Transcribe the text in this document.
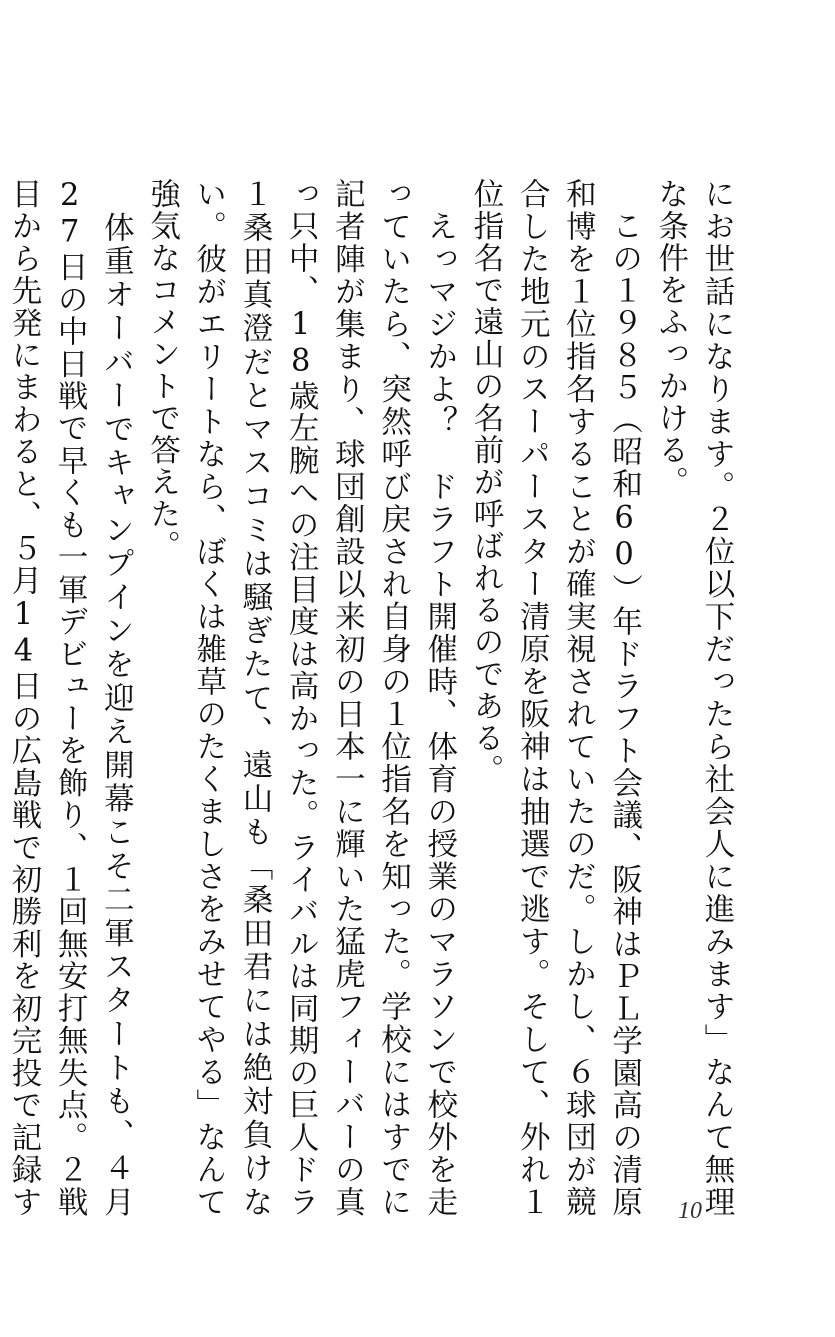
にお世話になります。２位以下だったら社会人に進みます」なんて無理な条件をふっかける。

　この１９８５（昭和60）年ドラフト会議、阪神はＰＬ学園高の清原和博を１位指名することが確実視されていたのだ。しかし、６球団が競合した地元のスーパースター清原を阪神は抽選で逃す。そして、外れ１位指名で遠山の名前が呼ばれるのである。

　えっマジかよ？　ドラフト開催時、体育の授業のマラソンで校外を走っていたら、突然呼び戻され自身の１位指名を知った。学校にはすでに記者陣が集まり、球団創設以来初の日本一に輝いた猛虎フィーバーの真っ只中、18歳左腕への注目度は高かった。ライバルは同期の巨人ドラ１桑田真澄だとマスコミは騒ぎたて、遠山も「桑田君には絶対負けない。彼がエリートなら、ぼくは雑草のたくましさをみせてやる」なんて強気なコメントで答えた。

　体重オーバーでキャンプインを迎え開幕こそ二軍スタートも、４月27日の中日戦で早くも一軍デビューを飾り、１回無安打無失点。２戦目から先発にまわると、５月14日の広島戦で初勝利を初完投で記録す	10
